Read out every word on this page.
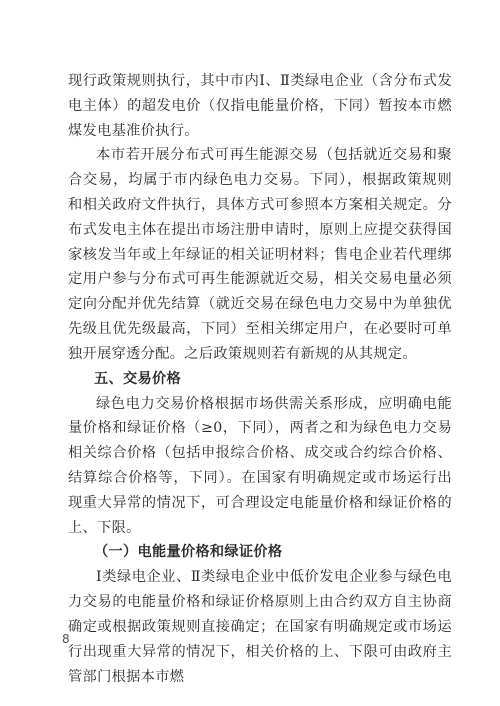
现行政策规则执行，其中市内Ⅰ、Ⅱ类绿电企业（含分布式发电主体）的超发电价（仅指电能量价格，下同）暂按本市燃煤发电基准价执行。

本市若开展分布式可再生能源交易（包括就近交易和聚合交易，均属于市内绿色电力交易。下同），根据政策规则和相关政府文件执行，具体方式可参照本方案相关规定。分布式发电主体在提出市场注册申请时，原则上应提交获得国家核发当年或上年绿证的相关证明材料；售电企业若代理绑定用户参与分布式可再生能源就近交易，相关交易电量必须定向分配并优先结算（就近交易在绿色电力交易中为单独优先级且优先级最高，下同）至相关绑定用户，在必要时可单独开展穿透分配。之后政策规则若有新规的从其规定。

五、交易价格

绿色电力交易价格根据市场供需关系形成，应明确电能量价格和绿证价格（≥0，下同），两者之和为绿色电力交易相关综合价格（包括申报综合价格、成交或合约综合价格、结算综合价格等，下同）。在国家有明确规定或市场运行出现重大异常的情况下，可合理设定电能量价格和绿证价格的上、下限。

（一）电能量价格和绿证价格

Ⅰ类绿电企业、Ⅱ类绿电企业中低价发电企业参与绿色电力交易的电能量价格和绿证价格原则上由合约双方自主协商确定或根据政策规则直接确定；在国家有明确规定或市场运行出现重大异常的情况下，相关价格的上、下限可由政府主管部门根据本市燃

8
